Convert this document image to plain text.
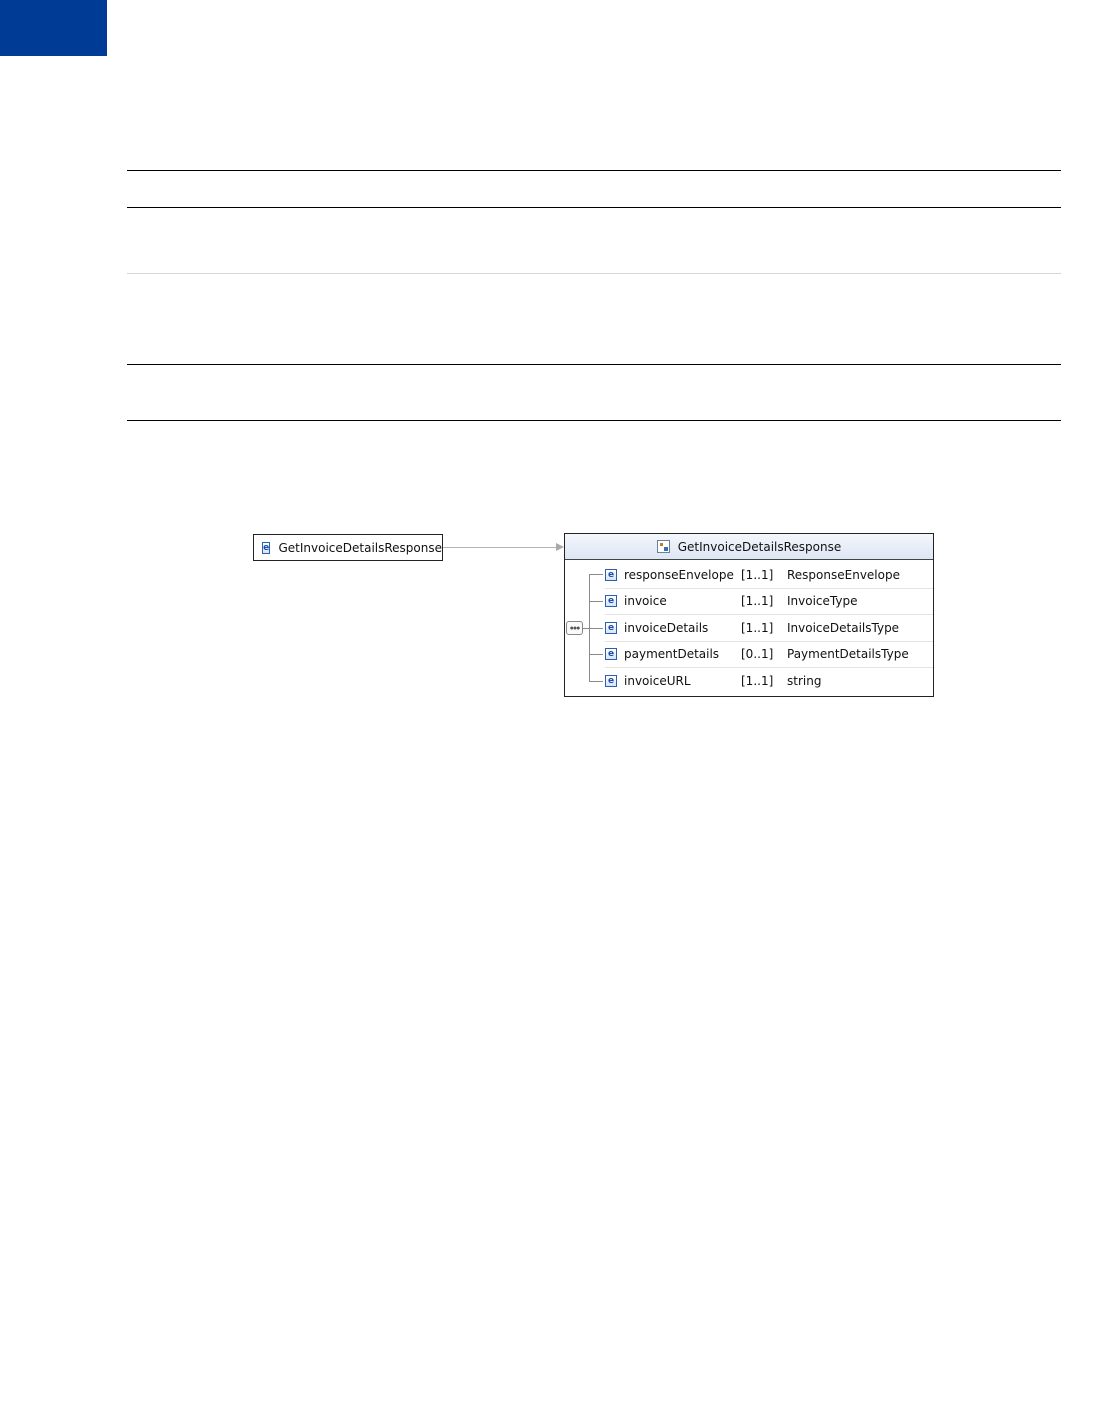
e GetInvoiceDetailsResponse	GetInvoiceDetailsResponse
e responseEnvelope [1..1]	ResponseEnvelope
e invoice	[1..1]	InvoiceType
e invoiceDetails	[1..1]	InvoiceDetailsType
e paymentDetails	[0..1]	PaymentDetailsType
e invoiceURL	[1..1]	string
●●●
